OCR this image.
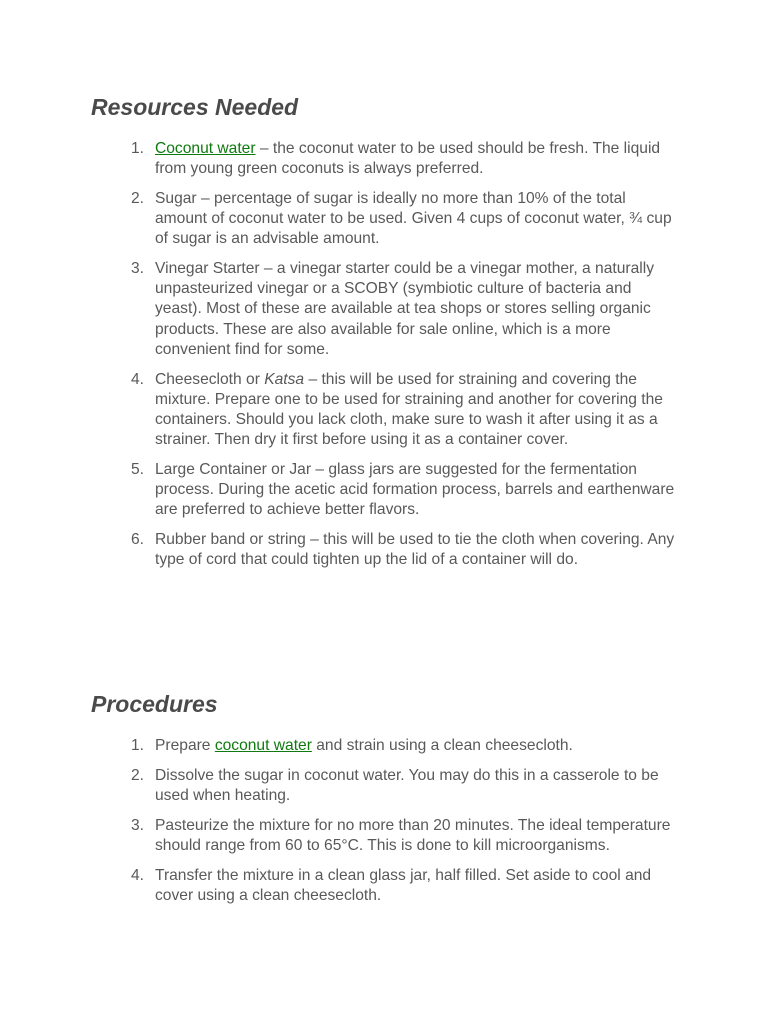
Resources Needed
1. Coconut water – the coconut water to be used should be fresh. The liquid from young green coconuts is always preferred.
2. Sugar – percentage of sugar is ideally no more than 10% of the total amount of coconut water to be used. Given 4 cups of coconut water, ¾ cup of sugar is an advisable amount.
3. Vinegar Starter – a vinegar starter could be a vinegar mother, a naturally unpasteurized vinegar or a SCOBY (symbiotic culture of bacteria and yeast). Most of these are available at tea shops or stores selling organic products. These are also available for sale online, which is a more convenient find for some.
4. Cheesecloth or Katsa – this will be used for straining and covering the mixture. Prepare one to be used for straining and another for covering the containers. Should you lack cloth, make sure to wash it after using it as a strainer. Then dry it first before using it as a container cover.
5. Large Container or Jar – glass jars are suggested for the fermentation process. During the acetic acid formation process, barrels and earthenware are preferred to achieve better flavors.
6. Rubber band or string – this will be used to tie the cloth when covering. Any type of cord that could tighten up the lid of a container will do.
Procedures
1. Prepare coconut water and strain using a clean cheesecloth.
2. Dissolve the sugar in coconut water. You may do this in a casserole to be used when heating.
3. Pasteurize the mixture for no more than 20 minutes. The ideal temperature should range from 60 to 65°C. This is done to kill microorganisms.
4. Transfer the mixture in a clean glass jar, half filled. Set aside to cool and cover using a clean cheesecloth.
